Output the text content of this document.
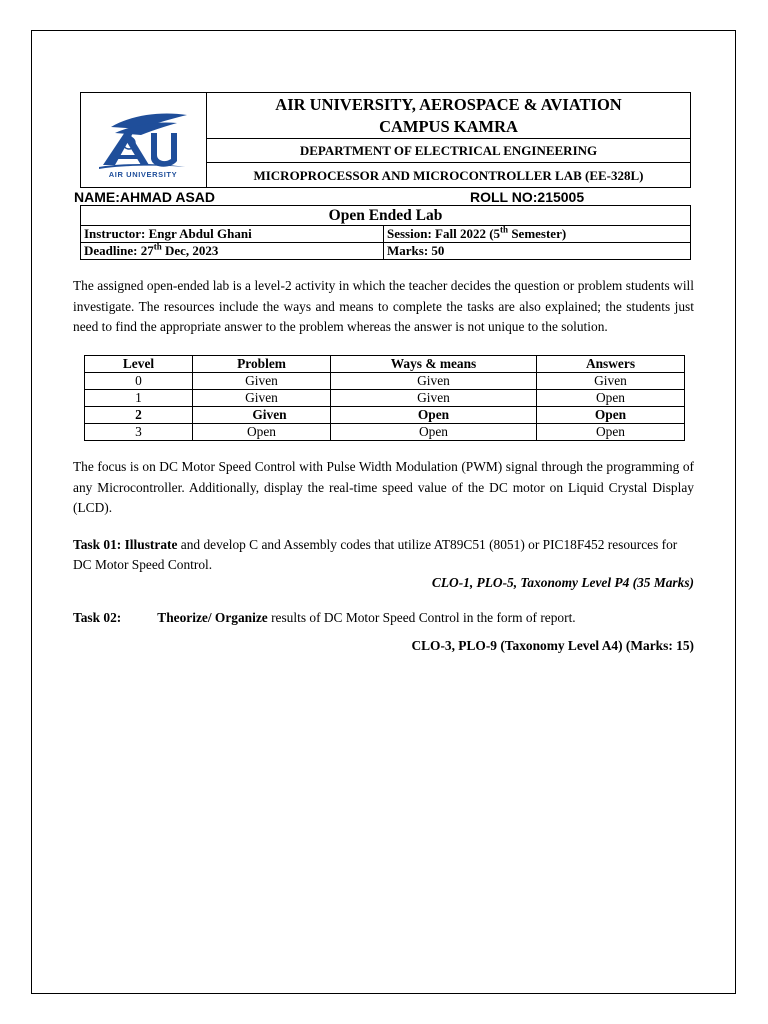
AIR UNIVERSITY
AIR UNIVERSITY, AEROSPACE & AVIATION
CAMPUS KAMRA
DEPARTMENT OF ELECTRICAL ENGINEERING
MICROPROCESSOR AND MICROCONTROLLER LAB (EE-328L)
NAME:AHMAD ASAD	ROLL NO:215005
Open Ended Lab	
Instructor: Engr Abdul Ghani	Session: Fall 2022 (5th Semester)
Deadline: 27th Dec, 2023	Marks: 50

The assigned open-ended lab is a level-2 activity in which the teacher decides the question or problem students will investigate. The resources include the ways and means to complete the tasks are also explained; the students just need to find the appropriate answer to the problem whereas the answer is not unique to the solution.

Level	Problem	Ways & means	Answers
0	Given	Given	Given
1	Given	Given	Open
2	Given	Open	Open
3	Open	Open	Open

The focus is on DC Motor Speed Control with Pulse Width Modulation (PWM) signal through the programming of any Microcontroller. Additionally, display the real-time speed value of the DC motor on Liquid Crystal Display (LCD).

Task 01: Illustrate and develop C and Assembly codes that utilize AT89C51 (8051) or PIC18F452 resources for DC Motor Speed Control.

CLO-1, PLO-5, Taxonomy Level P4 (35 Marks)

Task 02:	Theorize/ Organize results of DC Motor Speed Control in the form of report.

CLO-3, PLO-9 (Taxonomy Level A4) (Marks: 15)
